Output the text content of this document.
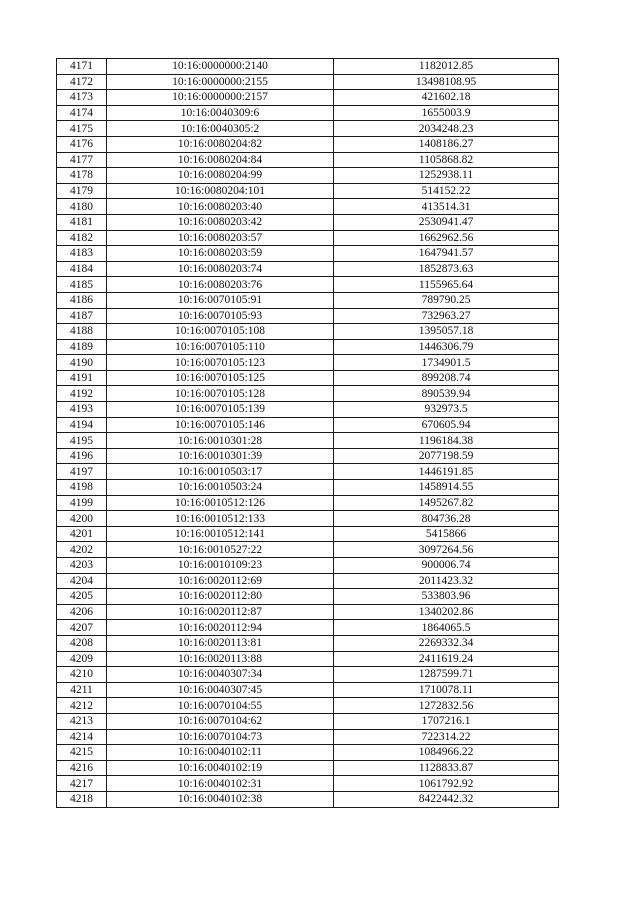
4171	10:16:0000000:2140	1182012.85
4172	10:16:0000000:2155	13498108.95
4173	10:16:0000000:2157	421602.18
4174	10:16:0040309:6	1655003.9
4175	10:16:0040305:2	2034248.23
4176	10:16:0080204:82	1408186.27
4177	10:16:0080204:84	1105868.82
4178	10:16:0080204:99	1252938.11
4179	10:16:0080204:101	514152.22
4180	10:16:0080203:40	413514.31
4181	10:16:0080203:42	2530941.47
4182	10:16:0080203:57	1662962.56
4183	10:16:0080203:59	1647941.57
4184	10:16:0080203:74	1852873.63
4185	10:16:0080203:76	1155965.64
4186	10:16:0070105:91	789790.25
4187	10:16:0070105:93	732963.27
4188	10:16:0070105:108	1395057.18
4189	10:16:0070105:110	1446306.79
4190	10:16:0070105:123	1734901.5
4191	10:16:0070105:125	899208.74
4192	10:16:0070105:128	890539.94
4193	10:16:0070105:139	932973.5
4194	10:16:0070105:146	670605.94
4195	10:16:0010301:28	1196184.38
4196	10:16:0010301:39	2077198.59
4197	10:16:0010503:17	1446191.85
4198	10:16:0010503:24	1458914.55
4199	10:16:0010512:126	1495267.82
4200	10:16:0010512:133	804736.28
4201	10:16:0010512:141	5415866
4202	10:16:0010527:22	3097264.56
4203	10:16:0010109:23	900006.74
4204	10:16:0020112:69	2011423.32
4205	10:16:0020112:80	533803.96
4206	10:16:0020112:87	1340202.86
4207	10:16:0020112:94	1864065.5
4208	10:16:0020113:81	2269332.34
4209	10:16:0020113:88	2411619.24
4210	10:16:0040307:34	1287599.71
4211	10:16:0040307:45	1710078.11
4212	10:16:0070104:55	1272832.56
4213	10:16:0070104:62	1707216.1
4214	10:16:0070104:73	722314.22
4215	10:16:0040102:11	1084966.22
4216	10:16:0040102:19	1128833.87
4217	10:16:0040102:31	1061792.92
4218	10:16:0040102:38	8422442.32
